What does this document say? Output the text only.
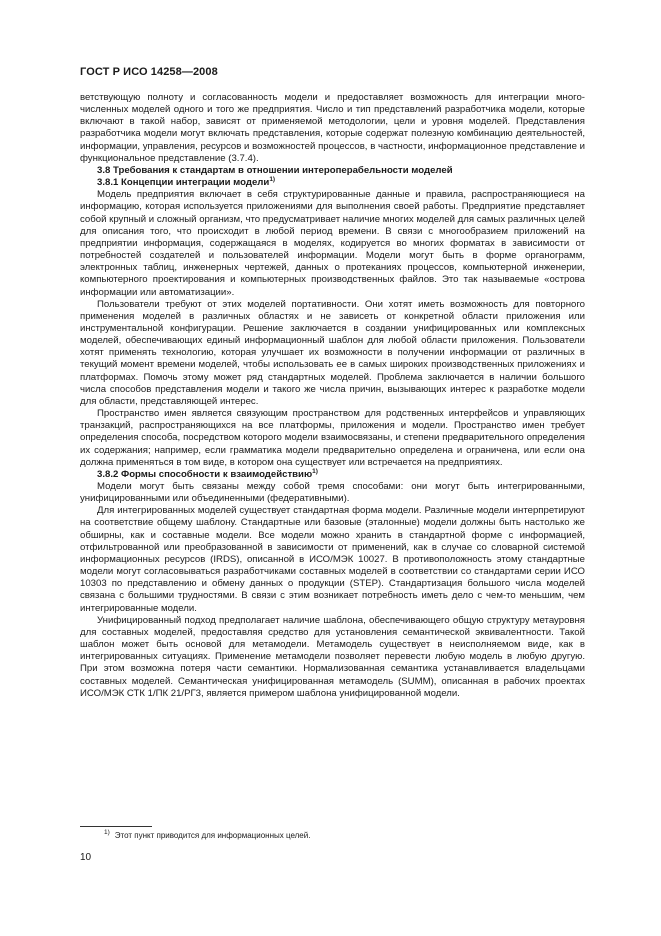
ГОСТ Р ИСО 14258—2008

ветствующую полноту и согласованность модели и предоставляет возможность для интеграции многочисленных моделей одного и того же предприятия. Число и тип представлений разработчика модели, которые включают в такой набор, зависят от применяемой методологии, цели и уровня моделей. Представления разработчика модели могут включать представления, которые содержат полезную комбинацию деятельностей, информации, управления, ресурсов и возможностей процессов, в частности, информационное представление и функциональное представление (3.7.4).

3.8 Требования к стандартам в отношении интероперабельности моделей

3.8.1 Концепции интеграции модели$^{1)}$

Модель предприятия включает в себя структурированные данные и правила, распространяющиеся на информацию, которая используется приложениями для выполнения своей работы. Предприятие представляет собой крупный и сложный организм, что предусматривает наличие многих моделей для самых различных целей для описания того, что происходит в любой период времени. В связи с многообразием приложений на предприятии информация, содержащаяся в моделях, кодируется во многих форматах в зависимости от потребностей создателей и пользователей информации. Модели могут быть в форме органограмм, электронных таблиц, инженерных чертежей, данных о протеканиях процессов, компьютерной инженерии, компьютерного проектирования и компьютерных производственных файлов. Это так называемые «острова информации или автоматизации».

Пользователи требуют от этих моделей портативности. Они хотят иметь возможность для повторного применения моделей в различных областях и не зависеть от конкретной области приложения или инструментальной конфигурации. Решение заключается в создании унифицированных или комплексных моделей, обеспечивающих единый информационный шаблон для любой области приложения. Пользователи хотят применять технологию, которая улучшает их возможности в получении информации от различных в текущий момент времени моделей, чтобы использовать ее в самых широких производственных приложениях и платформах. Помочь этому может ряд стандартных моделей. Проблема заключается в наличии большого числа способов представления модели и такого же числа причин, вызывающих интерес к разработке модели для области, представляющей интерес.

Пространство имен является связующим пространством для родственных интерфейсов и управляющих транзакций, распространяющихся на все платформы, приложения и модели. Пространство имен требует определения способа, посредством которого модели взаимосвязаны, и степени предварительного определения их содержания; например, если грамматика модели предварительно определена и ограничена, или если она должна применяться в том виде, в котором она существует или встречается на предприятиях.

3.8.2 Формы способности к взаимодействию$^{1)}$

Модели могут быть связаны между собой тремя способами: они могут быть интегрированными, унифицированными или объединенными (федеративными).

Для интегрированных моделей существует стандартная форма модели. Различные модели интерпретируют на соответствие общему шаблону. Стандартные или базовые (эталонные) модели должны быть настолько же обширны, как и составные модели. Все модели можно хранить в стандартной форме с информацией, отфильтрованной или преобразованной в зависимости от применений, как в случае со словарной системой информационных ресурсов (IRDS), описанной в ИСО/МЭК 10027. В противоположность этому стандартные модели могут согласовываться разработчиками составных моделей в соответствии со стандартами серии ИСО 10303 по представлению и обмену данных о продукции (STEP). Стандартизация большого числа моделей связана с большими трудностями. В связи с этим возникает потребность иметь дело с чем-то меньшим, чем интегрированные модели.

Унифицированный подход предполагает наличие шаблона, обеспечивающего общую структуру метауровня для составных моделей, предоставляя средство для установления семантической эквивалентности. Такой шаблон может быть основой для метамодели. Метамодель существует в неисполняемом виде, как в интегрированных ситуациях. Применение метамодели позволяет перевести любую модель в любую другую. При этом возможна потеря части семантики. Нормализованная семантика устанавливается владельцами составных моделей. Семантическая унифицированная метамодель (SUMM), описанная в рабочих проектах ИСО/МЭК СТК 1/ПК 21/РГ3, является примером шаблона унифицированной модели.

$^{1)}$ Этот пункт приводится для информационных целей.
10
